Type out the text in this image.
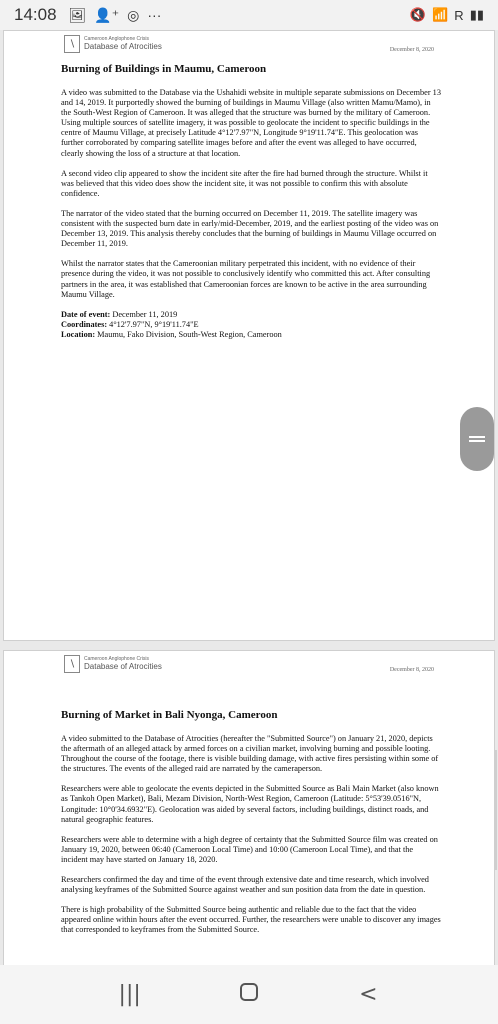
14:08 🖼 👤⁺ ◎ ···	🔇 📶 R ▮▮
∖	Cameroon Anglophone Crisis
Database of Atrocities	December 8, 2020
Burning of Buildings in Maumu, Cameroon

A video was submitted to the Database via the Ushahidi website in multiple separate submissions on December 13 and 14, 2019. It purportedly showed the burning of buildings in Maumu Village (also written Mamu/Mamo), in the South-West Region of Cameroon. It was alleged that the structure was burned by the military of Cameroon. Using multiple sources of satellite imagery, it was possible to geolocate the incident to specific buildings in the centre of Maumu Village, at precisely Latitude 4°12'7.97"N, Longitude 9°19'11.74"E. This geolocation was further corroborated by comparing satellite images before and after the event was alleged to have occurred, clearly showing the loss of a structure at that location.

A second video clip appeared to show the incident site after the fire had burned through the structure. Whilst it was believed that this video does show the incident site, it was not possible to confirm this with absolute confidence.

The narrator of the video stated that the burning occurred on December 11, 2019. The satellite imagery was consistent with the suspected burn date in early/mid-December, 2019, and the earliest posting of the video was on December 13, 2019. This analysis thereby concludes that the burning of buildings in Maumu Village occurred on December 11, 2019.

Whilst the narrator states that the Cameroonian military perpetrated this incident, with no evidence of their presence during the video, it was not possible to conclusively identify who committed this act. After consulting partners in the area, it was established that Cameroonian forces are known to be active in the area surrounding Maumu Village.

Date of event: December 11, 2019
Coordinates: 4°12'7.97"N, 9°19'11.74"E
Location: Maumu, Fako Division, South-West Region, Cameroon
∖	Cameroon Anglophone Crisis
Database of Atrocities	December 8, 2020
Burning of Market in Bali Nyonga, Cameroon

A video submitted to the Database of Atrocities (hereafter the "Submitted Source") on January 21, 2020, depicts the aftermath of an alleged attack by armed forces on a civilian market, involving burning and possible looting. Throughout the course of the footage, there is visible building damage, with active fires persisting within some of the structures. The events of the alleged raid are narrated by the cameraperson.

Researchers were able to geolocate the events depicted in the Submitted Source as Bali Main Market (also known as Tankoh Open Market), Bali, Mezam Division, North-West Region, Cameroon (Latitude: 5°53'39.0516"N, Longitude: 10°0'34.6932"E). Geolocation was aided by several factors, including buildings, distinct roads, and natural geographic features.

Researchers were able to determine with a high degree of certainty that the Submitted Source film was created on January 19, 2020, between 06:40 (Cameroon Local Time) and 10:00 (Cameroon Local Time), and that the incident may have started on January 18, 2020.

Researchers confirmed the day and time of the event through extensive date and time research, which involved analysing keyframes of the Submitted Source against weather and sun position data from the date in question.

There is high probability of the Submitted Source being authentic and reliable due to the fact that the video appeared online within hours after the event occurred. Further, the researchers were unable to discover any images that corresponded to keyframes from the Submitted Source.

|||	<
